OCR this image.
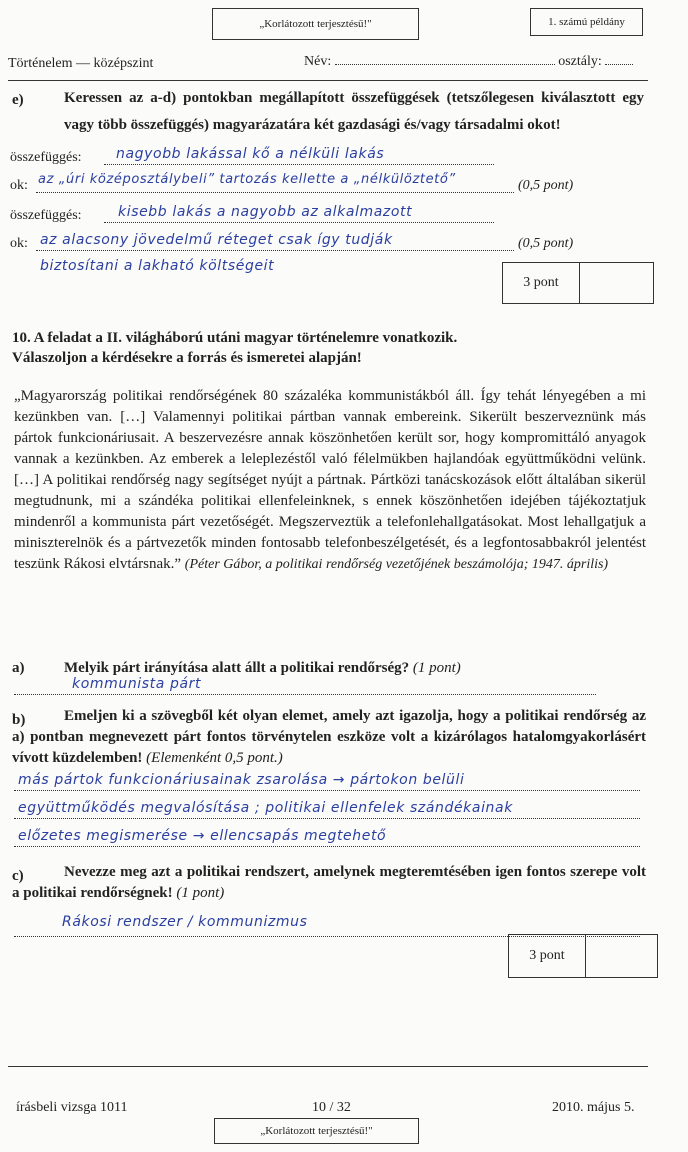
„Korlátozott terjesztésű!"	1. számú példány
Történelem — középszint	Név:	osztály:
e)	Keressen az a-d) pontokban megállapított összefüggések (tetszőlegesen kiválasztott egy vagy több összefüggés) magyarázatára két gazdasági és/vagy társadalmi okot!
összefüggés: nagyobb lakással kő a nélküli lakás
ok: az „úri középosztálybeli” tartozás kellette a „nélkülöztető”	(0,5 pont)
összefüggés:	kisebb lakás a nagyobb az alkalmazott
ok: az alacsony jövedelmű réteget csak így tudják	(0,5 pont)
biztosítani a lakható költségeit
3 pont
10. A feladat a II. világháború utáni magyar történelemre vonatkozik.
Válaszoljon a kérdésekre a forrás és ismeretei alapján!
„Magyarország politikai rendőrségének 80 százaléka kommunistákból áll. Így tehát lényegében a mi kezünkben van. […] Valamennyi politikai pártban vannak embereink. Sikerült beszerveznünk más pártok funkcionáriusait. A beszervezésre annak köszönhetően került sor, hogy kompromittáló anyagok vannak a kezünkben. Az emberek a leleplezéstől való félelmükben hajlandóak együttműködni velünk. […] A politikai rendőrség nagy segítséget nyújt a pártnak. Pártközi tanácskozások előtt általában sikerül megtudnunk, mi a szándéka politikai ellenfeleinknek, s ennek köszönhetően idejében tájékoztatjuk mindenről a kommunista párt vezetőségét. Megszerveztük a telefonlehallgatásokat. Most lehallgatjuk a miniszterelnök és a pártvezetők minden fontosabb telefonbeszélgetését, és a legfontosabbakról jelentést teszünk Rákosi elvtársnak.” (Péter Gábor, a politikai rendőrség vezetőjének beszámolója; 1947. április)
a)	Melyik párt irányítása alatt állt a politikai rendőrség? (1 pont)
kommunista párt
b)	Emeljen ki a szövegből két olyan elemet, amely azt igazolja, hogy a politikai rendőrség az a) pontban megnevezett párt fontos törvénytelen eszköze volt a kizárólagos hatalomgyakorlásért vívott küzdelemben! (Elemenként 0,5 pont.)
más pártok funkcionáriusainak zsarolása → pártokon belüli
együttműködés megvalósítása ; politikai ellenfelek szándékainak
előzetes megismerése → ellencsapás megtehető
c)	Nevezze meg azt a politikai rendszert, amelynek megteremtésében igen fontos szerepe volt a politikai rendőrségnek! (1 pont)
Rákosi rendszer / kommunizmus
3 pont
írásbeli vizsga 1011	10 / 32	2010. május 5.
„Korlátozott terjesztésű!"
